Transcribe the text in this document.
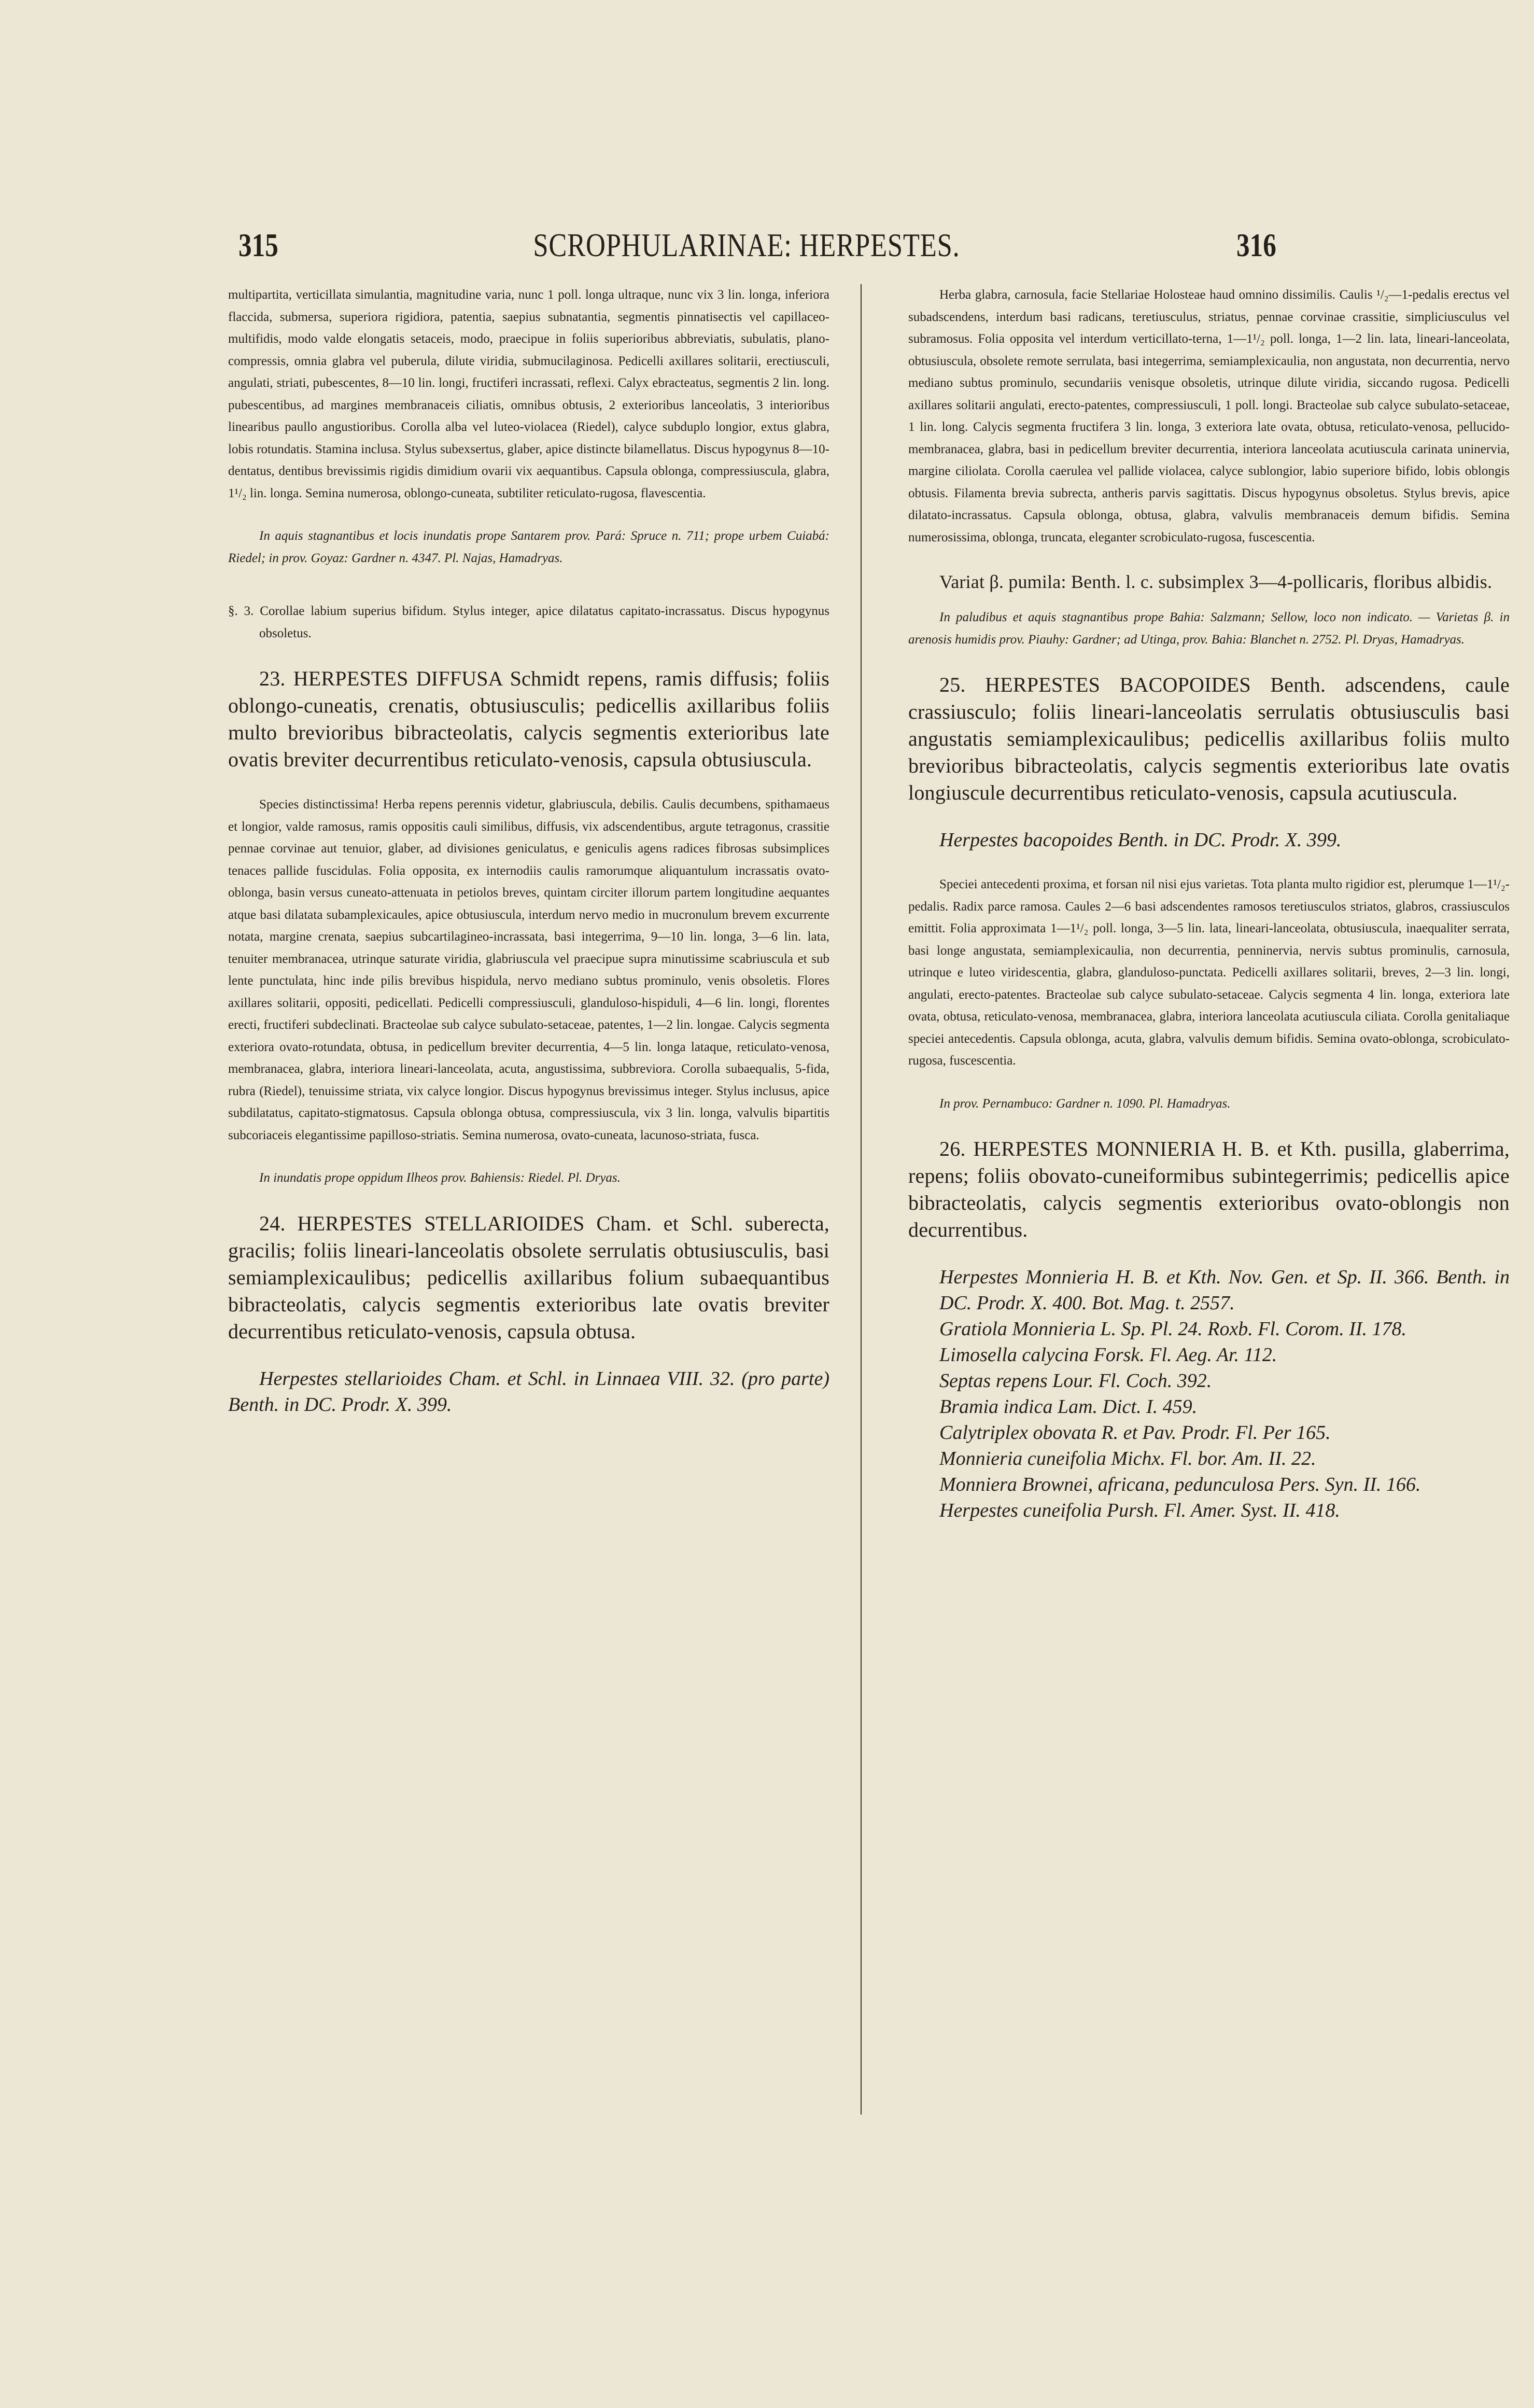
315	SCROPHULARINAE: HERPESTES.	316

multipartita, verticillata simulantia, magnitudine varia, nunc 1 poll. longa ultraque, nunc vix 3 lin. longa, inferiora flaccida, submersa, superiora rigidiora, patentia, saepius subnatantia, segmentis pinnatisectis vel capillaceo-multifidis, modo valde elongatis setaceis, modo, praecipue in foliis superioribus abbreviatis, subulatis, plano-compressis, omnia glabra vel puberula, dilute viridia, submucilaginosa. Pedicelli axillares solitarii, erectiusculi, angulati, striati, pubescentes, 8—10 lin. longi, fructiferi incrassati, reflexi. Calyx ebracteatus, segmentis 2 lin. long. pubescentibus, ad margines membranaceis ciliatis, omnibus obtusis, 2 exterioribus lanceolatis, 3 interioribus linearibus paullo angustioribus. Corolla alba vel luteo-violacea (Riedel), calyce subduplo longior, extus glabra, lobis rotundatis. Stamina inclusa. Stylus subexsertus, glaber, apice distincte bilamellatus. Discus hypogynus 8—10-dentatus, dentibus brevissimis rigidis dimidium ovarii vix aequantibus. Capsula oblonga, compressiuscula, glabra, 1¹/₂ lin. longa. Semina numerosa, oblongo-cuneata, subtiliter reticulato-rugosa, flavescentia.

In aquis stagnantibus et locis inundatis prope Santarem prov. Pará: Spruce n. 711; prope urbem Cuiabá: Riedel; in prov. Goyaz: Gardner n. 4347. Pl. Najas, Hamadryas.

§. 3. Corollae labium superius bifidum. Stylus integer, apice dilatatus capitato-incrassatus. Discus hypogynus obsoletus.

23. HERPESTES DIFFUSA Schmidt repens, ramis diffusis; foliis oblongo-cuneatis, crenatis, obtusiusculis; pedicellis axillaribus foliis multo brevioribus bibracteolatis, calycis segmentis exterioribus late ovatis breviter decurrentibus reticulato-venosis, capsula obtusiuscula.

Species distinctissima! Herba repens perennis videtur, glabriuscula, debilis. Caulis decumbens, spithamaeus et longior, valde ramosus, ramis oppositis cauli similibus, diffusis, vix adscendentibus, argute tetragonus, crassitie pennae corvinae aut tenuior, glaber, ad divisiones geniculatus, e geniculis agens radices fibrosas subsimplices tenaces pallide fuscidulas. Folia opposita, ex internodiis caulis ramorumque aliquantulum incrassatis ovato-oblonga, basin versus cuneato-attenuata in petiolos breves, quintam circiter illorum partem longitudine aequantes atque basi dilatata subamplexicaules, apice obtusiuscula, interdum nervo medio in mucronulum brevem excurrente notata, margine crenata, saepius subcartilagineo-incrassata, basi integerrima, 9—10 lin. longa, 3—6 lin. lata, tenuiter membranacea, utrinque saturate viridia, glabriuscula vel praecipue supra minutissime scabriuscula et sub lente punctulata, hinc inde pilis brevibus hispidula, nervo mediano subtus prominulo, venis obsoletis. Flores axillares solitarii, oppositi, pedicellati. Pedicelli compressiusculi, glanduloso-hispiduli, 4—6 lin. longi, florentes erecti, fructiferi subdeclinati. Bracteolae sub calyce subulato-setaceae, patentes, 1—2 lin. longae. Calycis segmenta exteriora ovato-rotundata, obtusa, in pedicellum breviter decurrentia, 4—5 lin. longa lataque, reticulato-venosa, membranacea, glabra, interiora lineari-lanceolata, acuta, angustissima, subbreviora. Corolla subaequalis, 5-fida, rubra (Riedel), tenuissime striata, vix calyce longior. Discus hypogynus brevissimus integer. Stylus inclusus, apice subdilatatus, capitato-stigmatosus. Capsula oblonga obtusa, compressiuscula, vix 3 lin. longa, valvulis bipartitis subcoriaceis elegantissime papilloso-striatis. Semina numerosa, ovato-cuneata, lacunoso-striata, fusca.

In inundatis prope oppidum Ilheos prov. Bahiensis: Riedel. Pl. Dryas.

24. HERPESTES STELLARIOIDES Cham. et Schl. suberecta, gracilis; foliis lineari-lanceolatis obsolete serrulatis obtusiusculis, basi semiamplexicaulibus; pedicellis axillaribus folium subaequantibus bibracteolatis, calycis segmentis exterioribus late ovatis breviter decurrentibus reticulato-venosis, capsula obtusa.

Herpestes stellarioides Cham. et Schl. in Linnaea VIII. 32. (pro parte) Benth. in DC. Prodr. X. 399.

Herba glabra, carnosula, facie Stellariae Holosteae haud omnino dissimilis. Caulis ¹/₂—1-pedalis erectus vel subadscendens, interdum basi radicans, teretiusculus, striatus, pennae corvinae crassitie, simpliciusculus vel subramosus. Folia opposita vel interdum verticillato-terna, 1—1¹/₂ poll. longa, 1—2 lin. lata, lineari-lanceolata, obtusiuscula, obsolete remote serrulata, basi integerrima, semiamplexicaulia, non angustata, non decurrentia, nervo mediano subtus prominulo, secundariis venisque obsoletis, utrinque dilute viridia, siccando rugosa. Pedicelli axillares solitarii angulati, erecto-patentes, compressiusculi, 1 poll. longi. Bracteolae sub calyce subulato-setaceae, 1 lin. long. Calycis segmenta fructifera 3 lin. longa, 3 exteriora late ovata, obtusa, reticulato-venosa, pellucido-membranacea, glabra, basi in pedicellum breviter decurrentia, interiora lanceolata acutiuscula carinata uninervia, margine ciliolata. Corolla caerulea vel pallide violacea, calyce sublongior, labio superiore bifido, lobis oblongis obtusis. Filamenta brevia subrecta, antheris parvis sagittatis. Discus hypogynus obsoletus. Stylus brevis, apice dilatato-incrassatus. Capsula oblonga, obtusa, glabra, valvulis membranaceis demum bifidis. Semina numerosissima, oblonga, truncata, eleganter scrobiculato-rugosa, fuscescentia.

Variat β. pumila: Benth. l. c. subsimplex 3—4-pollicaris, floribus albidis.

In paludibus et aquis stagnantibus prope Bahia: Salzmann; Sellow, loco non indicato. — Varietas β. in arenosis humidis prov. Piauhy: Gardner; ad Utinga, prov. Bahia: Blanchet n. 2752. Pl. Dryas, Hamadryas.

25. HERPESTES BACOPOIDES Benth. adscendens, caule crassiusculo; foliis lineari-lanceolatis serrulatis obtusiusculis basi angustatis semiamplexicaulibus; pedicellis axillaribus foliis multo brevioribus bibracteolatis, calycis segmentis exterioribus late ovatis longiuscule decurrentibus reticulato-venosis, capsula acutiuscula.

Herpestes bacopoides Benth. in DC. Prodr. X. 399.

Speciei antecedenti proxima, et forsan nil nisi ejus varietas. Tota planta multo rigidior est, plerumque 1—1¹/₂-pedalis. Radix parce ramosa. Caules 2—6 basi adscendentes ramosos teretiusculos striatos, glabros, crassiusculos emittit. Folia approximata 1—1¹/₂ poll. longa, 3—5 lin. lata, lineari-lanceolata, obtusiuscula, inaequaliter serrata, basi longe angustata, semiamplexicaulia, non decurrentia, penninervia, nervis subtus prominulis, carnosula, utrinque e luteo viridescentia, glabra, glanduloso-punctata. Pedicelli axillares solitarii, breves, 2—3 lin. longi, angulati, erecto-patentes. Bracteolae sub calyce subulato-setaceae. Calycis segmenta 4 lin. longa, exteriora late ovata, obtusa, reticulato-venosa, membranacea, glabra, interiora lanceolata acutiuscula ciliata. Corolla genitaliaque speciei antecedentis. Capsula oblonga, acuta, glabra, valvulis demum bifidis. Semina ovato-oblonga, scrobiculato-rugosa, fuscescentia.

In prov. Pernambuco: Gardner n. 1090. Pl. Hamadryas.

26. HERPESTES MONNIERIA H. B. et Kth. pusilla, glaberrima, repens; foliis obovato-cuneiformibus subintegerrimis; pedicellis apice bibracteolatis, calycis segmentis exterioribus ovato-oblongis non decurrentibus.

Herpestes Monnieria H. B. et Kth. Nov. Gen. et Sp. II. 366. Benth. in DC. Prodr. X. 400. Bot. Mag. t. 2557.

Gratiola Monnieria L. Sp. Pl. 24. Roxb. Fl. Corom. II. 178.

Limosella calycina Forsk. Fl. Aeg. Ar. 112.

Septas repens Lour. Fl. Coch. 392.

Bramia indica Lam. Dict. I. 459.

Calytriplex obovata R. et Pav. Prodr. Fl. Per 165.

Monnieria cuneifolia Michx. Fl. bor. Am. II. 22.

Monniera Brownei, africana, pedunculosa Pers. Syn. II. 166.

Herpestes cuneifolia Pursh. Fl. Amer. Syst. II. 418.
